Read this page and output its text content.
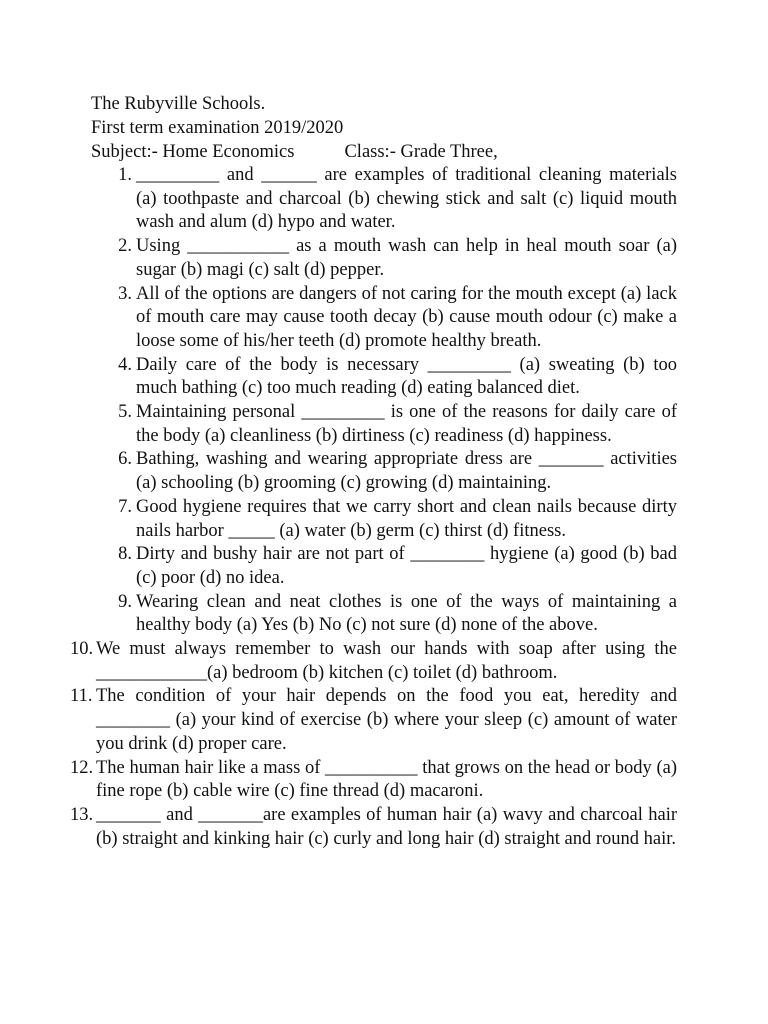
The Rubyville Schools.
First term examination 2019/2020
Subject:- Home Economics	Class:- Grade Three,
1. _________ and ______ are examples of traditional cleaning materials (a) toothpaste and charcoal (b) chewing stick and salt (c) liquid mouth wash and alum (d) hypo and water.
2. Using ___________ as a mouth wash can help in heal mouth soar (a) sugar (b) magi (c) salt (d) pepper.
3. All of the options are dangers of not caring for the mouth except (a) lack of mouth care may cause tooth decay (b) cause mouth odour (c) make a loose some of his/her teeth (d) promote healthy breath.
4. Daily care of the body is necessary _________ (a) sweating (b) too much bathing (c) too much reading (d) eating balanced diet.
5. Maintaining personal _________ is one of the reasons for daily care of the body (a) cleanliness (b) dirtiness (c) readiness (d) happiness.
6. Bathing, washing and wearing appropriate dress are _______ activities (a) schooling (b) grooming (c) growing (d) maintaining.
7. Good hygiene requires that we carry short and clean nails because dirty nails harbor _____ (a) water (b) germ (c) thirst (d) fitness.
8. Dirty and bushy hair are not part of ________ hygiene (a) good (b) bad (c) poor (d) no idea.
9. Wearing clean and neat clothes is one of the ways of maintaining a healthy body (a) Yes (b) No (c) not sure (d) none of the above.
10. We must always remember to wash our hands with soap after using the ____________(a) bedroom (b) kitchen (c) toilet (d) bathroom.
11. The condition of your hair depends on the food you eat, heredity and ________ (a) your kind of exercise (b) where your sleep (c) amount of water you drink (d) proper care.
12. The human hair like a mass of __________ that grows on the head or body (a) fine rope (b) cable wire (c) fine thread (d) macaroni.
13. _______ and _______are examples of human hair (a) wavy and charcoal hair (b) straight and kinking hair (c) curly and long hair (d) straight and round hair.
